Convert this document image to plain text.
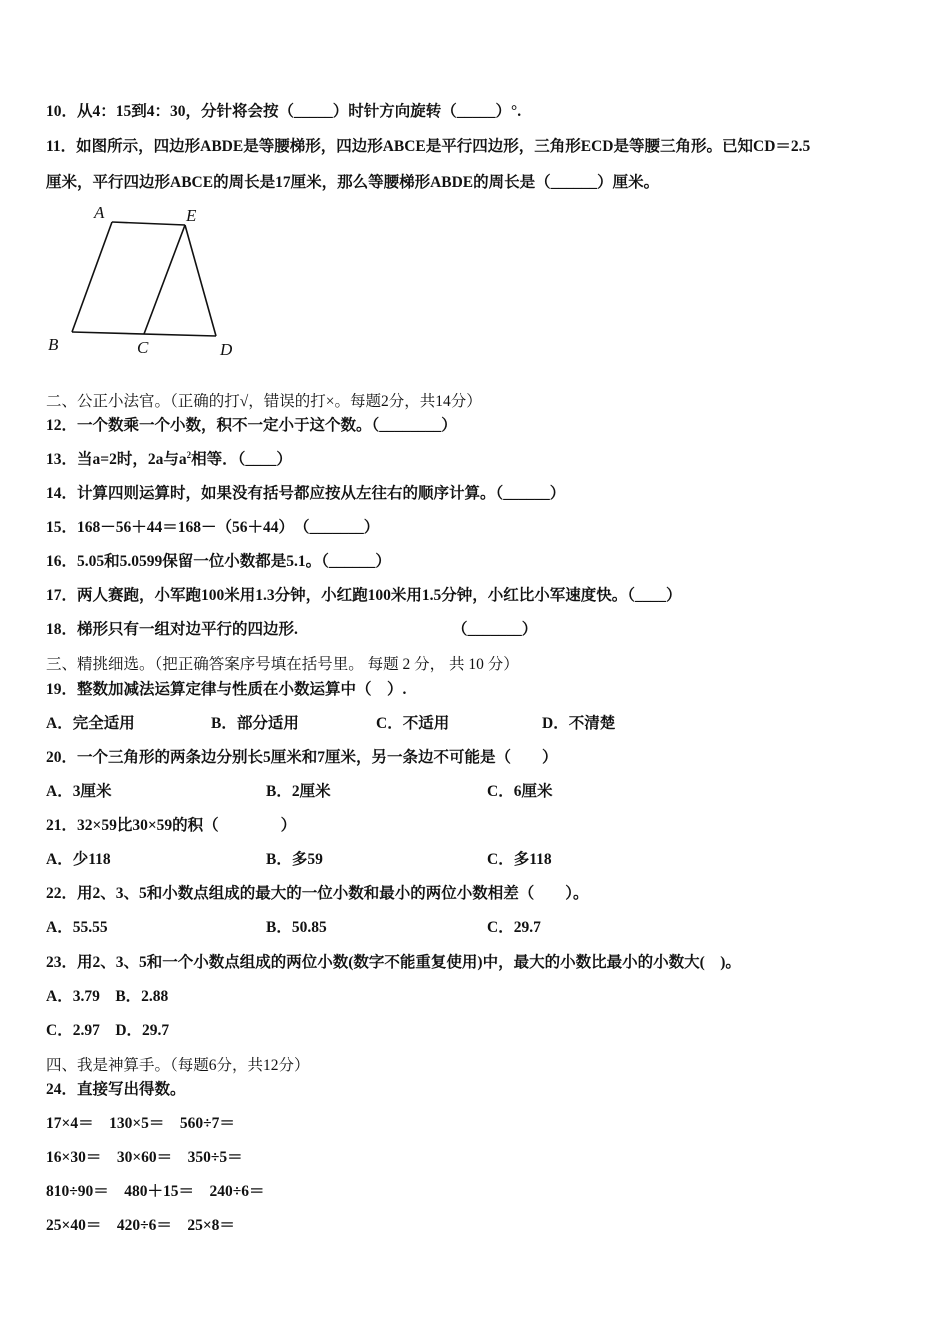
10．从4：15到4：30，分针将会按（_____）时针方向旋转（_____）°.
11．如图所示，四边形ABDE是等腰梯形，四边形ABCE是平行四边形，三角形ECD是等腰三角形。已知CD＝2.5
厘米，平行四边形ABCE的周长是17厘米，那么等腰梯形ABDE的周长是（______）厘米。
A	E
B	C	D
二、公正小法官。（正确的打√，错误的打×。每题2分，共14分）
12．一个数乘一个小数，积不一定小于这个数。（________）
13．当a=2时，2a与$a^2$相等．（____）
14．计算四则运算时，如果没有括号都应按从左往右的顺序计算。（______）
15．168－56＋44＝168－（56＋44）　（_______）
16．5.05和5.0599保留一位小数都是5.1。（______）
17．两人赛跑，小军跑100米用1.3分钟，小红跑100米用1.5分钟，小红比小军速度快。（____）
18．梯形只有一组对边平行的四边形.	（_______）
三、精挑细选。（把正确答案序号填在括号里。 每题 2 分， 共 10 分）
19．整数加减法运算定律与性质在小数运算中（　）.
A．完全适用	B．部分适用	C．不适用	D．不清楚
20．一个三角形的两条边分别长5厘米和7厘米，另一条边不可能是（　　）
A．3厘米	B．2厘米	C．6厘米
21．32×59比30×59的积（　　　　）
A．少118	B．多59	C．多118
22．用2、3、5和小数点组成的最大的一位小数和最小的两位小数相差（　　）。
A．55.55	B．50.85	C．29.7
23．用2、3、5和一个小数点组成的两位小数(数字不能重复使用)中，最大的小数比最小的小数大(　)。
A．3.79　B．2.88
C．2.97　D．29.7
四、我是神算手。（每题6分，共12分）
24．直接写出得数。
17×4＝　130×5＝　560÷7＝
16×30＝　30×60＝　350÷5＝
810÷90＝　480＋15＝　240÷6＝
25×40＝　420÷6＝　25×8＝
